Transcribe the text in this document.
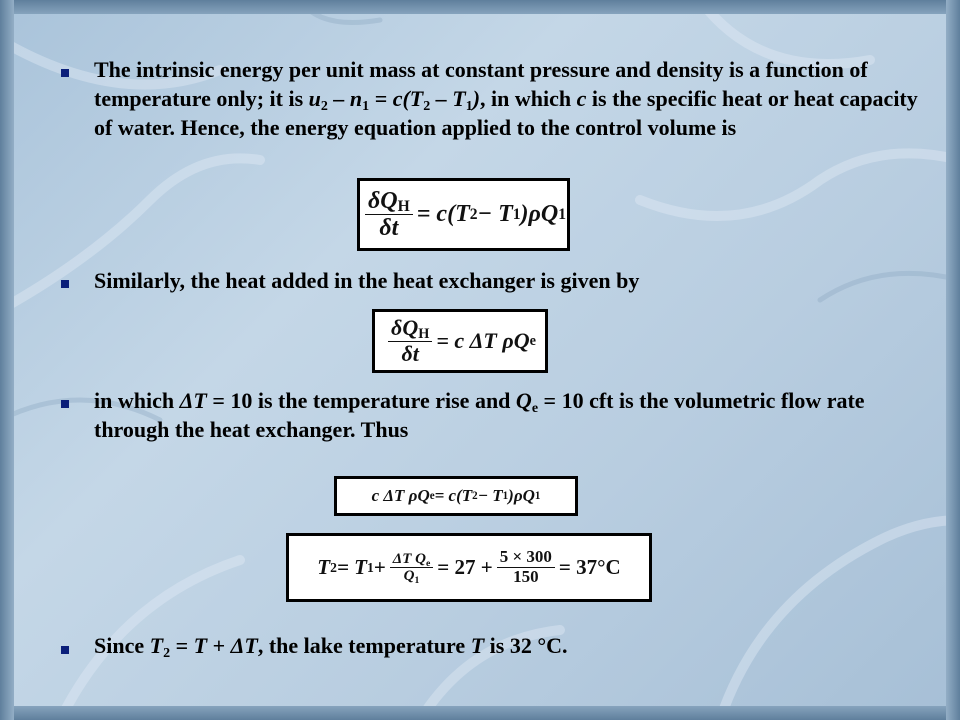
The intrinsic energy per unit mass at constant pressure and density is a function of temperature only; it is $u_2 - n_1 = c(T_2 - T_1)$, in which c is the specific heat or heat capacity of water. Hence, the energy equation applied to the control volume is

$\frac{\delta Q_H}{\delta t} = c(T$ 2 − T 1 )ρQ 1

Similarly, the heat added in the heat exchanger is given by

$\frac{\delta Q_H}{\delta t} = c$ ΔT ρQ e

in which ΔT = 10 is the temperature rise and $Q_e = 10$ cft is the volumetric flow rate through the heat exchanger. Thus

c ΔT ρQ e = c(T 2 − T 1 )ρQ 1
T 2 = T $1 + \frac{\Delta T Q_e}{Q_1} = 27 + \frac{5 \times 300}{150} = 37^\circ C$

Since $T_2 = T + \Delta T$, the lake temperature T is 32 °C.
